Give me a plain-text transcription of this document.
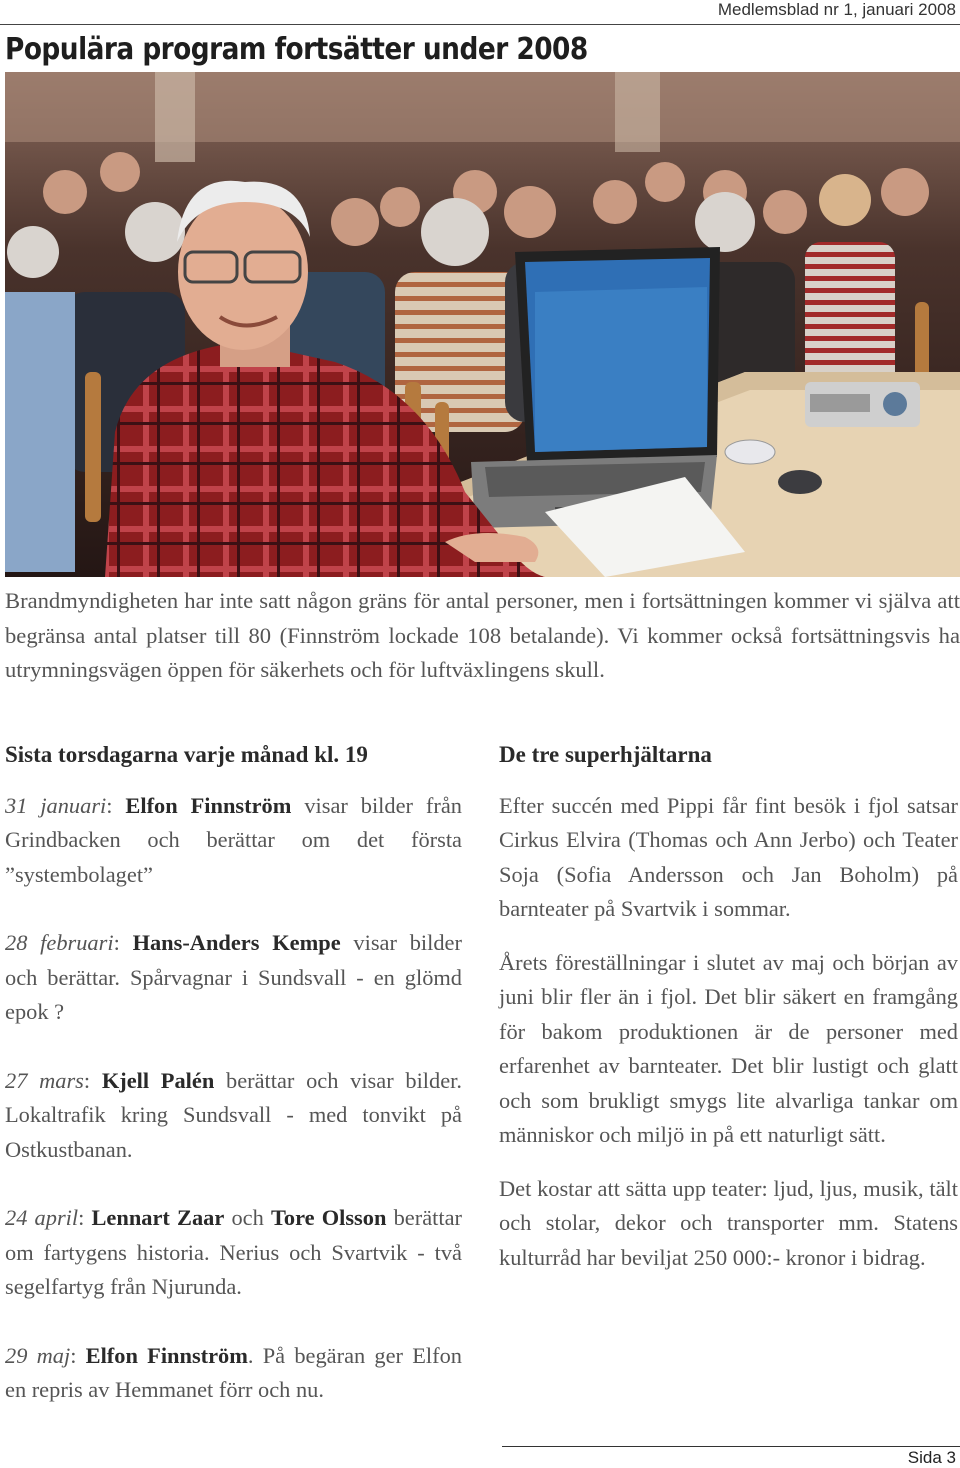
Medlemsblad nr 1, januari 2008
Populära program fortsätter under 2008

Brandmyndigheten har inte satt någon gräns för antal personer, men i fortsättningen kommer vi själva att begränsa antal platser till 80 (Finnström lockade 108 betalande). Vi kommer också fortsättningsvis ha utrymningsvägen öppen för säkerhets och för luftväxlingens skull.

Sista torsdagarna varje månad kl. 19

31 januari: Elfon Finnström visar bilder från Grindbacken och berättar om det första ”systembolaget”

28 februari: Hans-Anders Kempe visar bilder och berättar. Spårvagnar i Sundsvall - en glömd epok ?

27 mars: Kjell Palén berättar och visar bilder. Lokaltrafik kring Sundsvall - med tonvikt på Ostkustbanan.

24 april: Lennart Zaar och Tore Olsson berättar om fartygens historia. Nerius och Svartvik - två segelfartyg från Njurunda.

29 maj: Elfon Finnström. På begäran ger Elfon en repris av Hemmanet förr och nu.

De tre superhjältarna

Efter succén med Pippi får fint besök i fjol satsar Cirkus Elvira (Thomas och Ann Jerbo) och Teater Soja (Sofia Andersson och Jan Boholm) på barnteater på Svartvik i sommar.

Årets föreställningar i slutet av maj och början av juni blir fler än i fjol. Det blir säkert en framgång för bakom produktionen är de personer med erfarenhet av barnteater. Det blir lustigt och glatt och som brukligt smygs lite alvarliga tankar om människor och miljö in på ett naturligt sätt.

Det kostar att sätta upp teater: ljud, ljus, musik, tält och stolar, dekor och transporter mm. Statens kulturråd har beviljat 250 000:- kronor i bidrag.

Sida 3
